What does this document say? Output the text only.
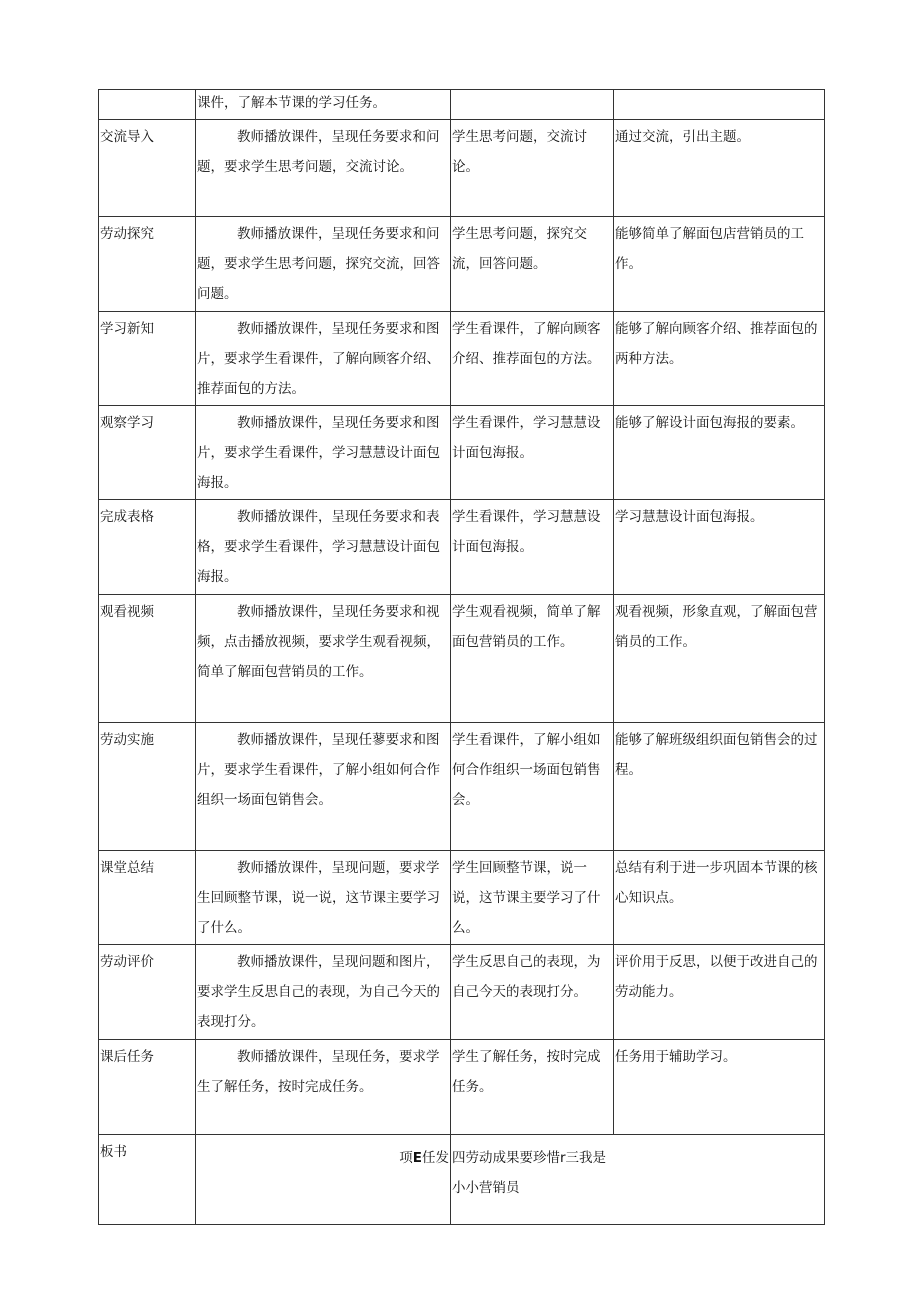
	课件，了解本节课的学习任务。		
交流导入	教师播放课件，呈现任务要求和问题，要求学生思考问题，交流讨论。	学生思考问题，交流讨论。	通过交流，引出主题。
劳动探究	教师播放课件，呈现任务要求和问题，要求学生思考问题，探究交流，回答问题。	学生思考问题，探究交流，回答问题。	能够简单了解面包店营销员的工作。
学习新知	教师播放课件，呈现任务要求和图片，要求学生看课件，了解向顾客介绍、推荐面包的方法。	学生看课件，了解向顾客介绍、推荐面包的方法。	能够了解向顾客介绍、推荐面包的两种方法。
观察学习	教师播放课件，呈现任务要求和图片，要求学生看课件，学习慧慧设计面包海报。	学生看课件，学习慧慧设计面包海报。	能够了解设计面包海报的要素。
完成表格	教师播放课件，呈现任务要求和表格，要求学生看课件，学习慧慧设计面包海报。	学生看课件，学习慧慧设计面包海报。	学习慧慧设计面包海报。
观看视频	教师播放课件，呈现任务要求和视频，点击播放视频，要求学生观看视频，简单了解面包营销员的工作。	学生观看视频，简单了解面包营销员的工作。	观看视频，形象直观，了解面包营销员的工作。
劳动实施	教师播放课件，呈现任蓼要求和图片，要求学生看课件，了解小组如何合作组织一场面包销售会。	学生看课件，了解小组如何合作组织一场面包销售会。	能够了解班级组织面包销售会的过程。
课堂总结	教师播放课件，呈现问题，要求学生回顾整节课，说一说，这节课主要学习了什么。	学生回顾整节课，说一说，这节课主要学习了什么。	总结有利于进一步巩固本节课的核心知识点。
劳动评价	教师播放课件，呈现问题和图片，要求学生反思自己的表现，为自己今天的表现打分。	学生反思自己的表现，为自己今天的表现打分。	评价用于反思，以便于改进自己的劳动能力。
课后任务	教师播放课件，呈现任务，要求学生了解任务，按时完成任务。	学生了解任务，按时完成任务。	任务用于辅助学习。
板书	项E任发	四劳动成果要珍惜r三我是小小营销员	
